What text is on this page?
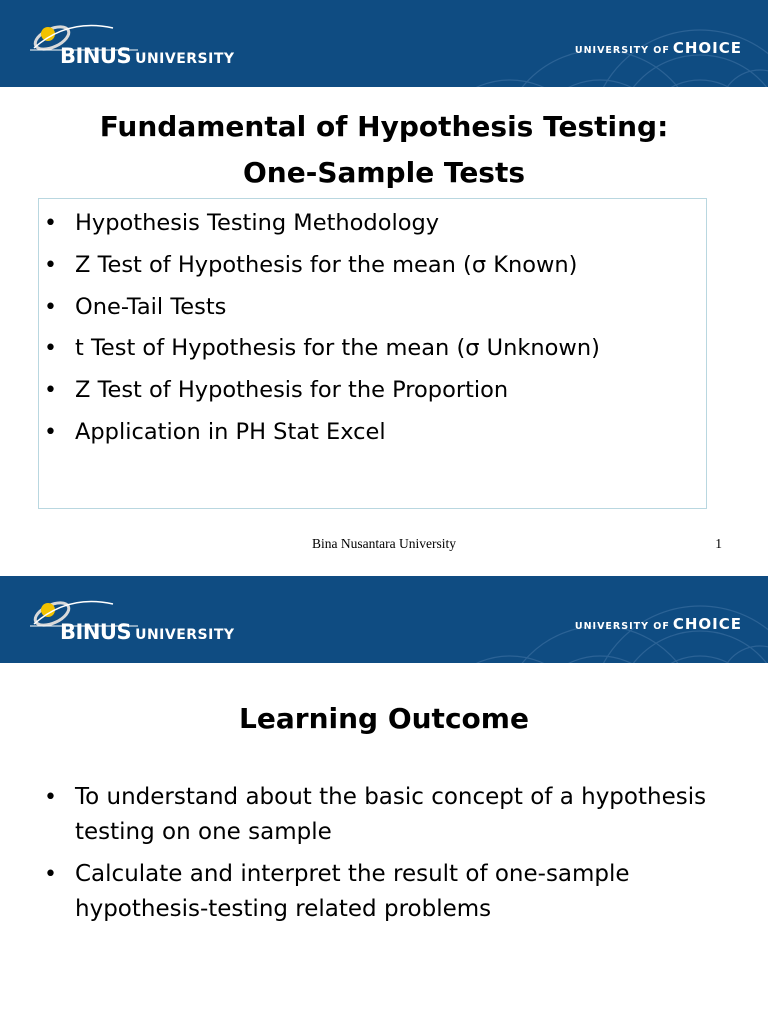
BINUS UNIVERSITY
UNIVERSITY OF CHOICE
Fundamental of Hypothesis Testing:
One-Sample Tests
• Hypothesis Testing Methodology
• Z Test of Hypothesis for the mean (σ Known)
• One-Tail Tests
• t Test of Hypothesis for the mean (σ Unknown)
• Z Test of Hypothesis for the Proportion
• Application in PH Stat Excel
Bina Nusantara University	1
BINUS UNIVERSITY
UNIVERSITY OF CHOICE
Learning Outcome
• To understand about the basic concept of a hypothesis testing on one sample
• Calculate and interpret the result of one-sample hypothesis-testing related problems
